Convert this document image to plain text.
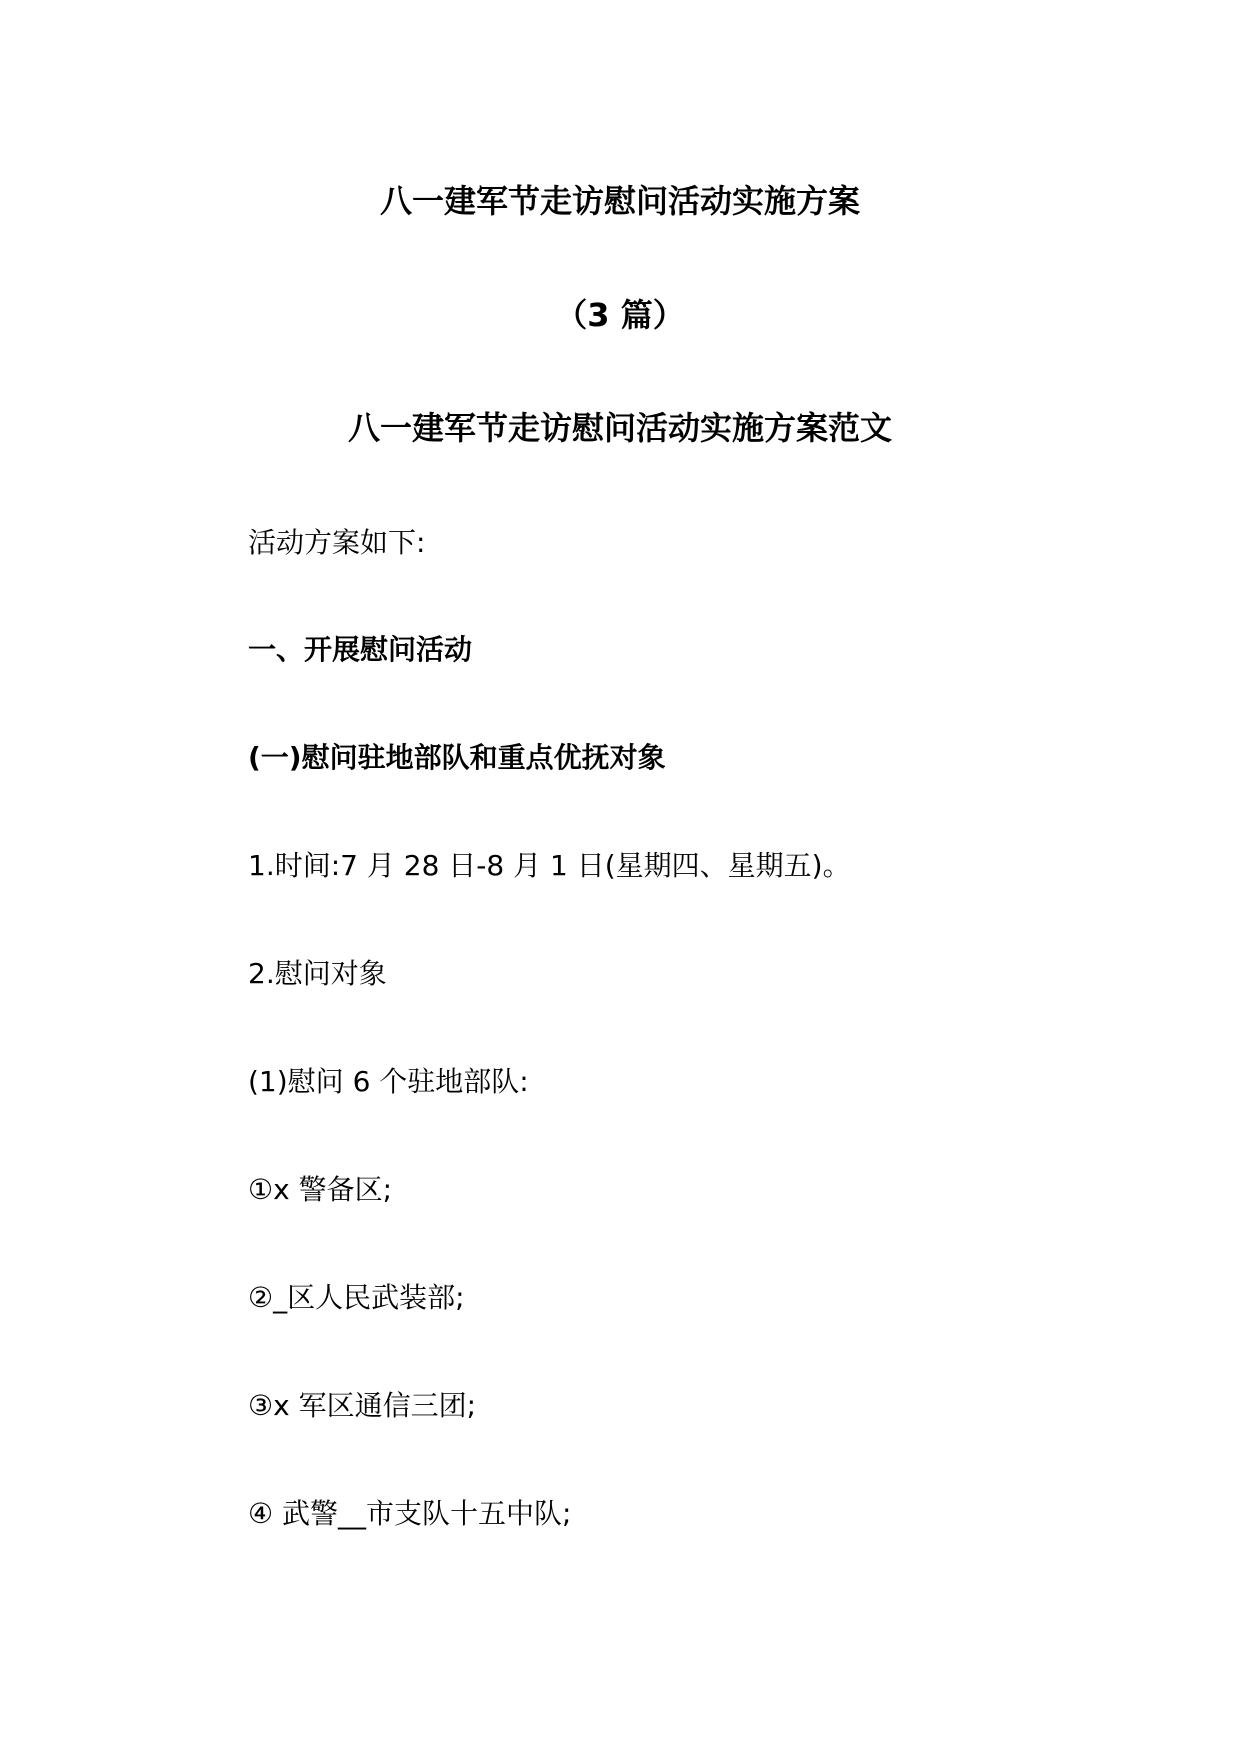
八一建军节走访慰问活动实施方案
（3 篇）
八一建军节走访慰问活动实施方案范文
活动方案如下:
一、开展慰问活动
(一)慰问驻地部队和重点优抚对象
1.时间:7 月 28 日-8 月 1 日(星期四、星期五)。
2.慰问对象
(1)慰问 6 个驻地部队:
①x 警备区;
②_区人民武装部;
③x 军区通信三团;
④ 武警__市支队十五中队;
